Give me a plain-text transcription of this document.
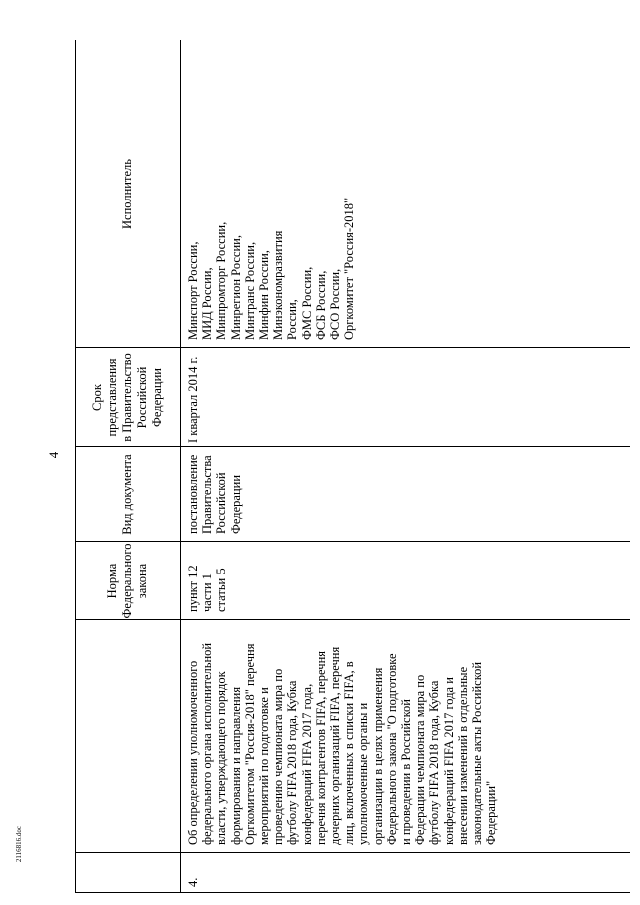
4
2116816.doc
Норма Федерального закона
Вид документа
Срок представления в Правительство Российской Федерации
Исполнитель
4.
Об определении уполномоченного федерального органа исполнительной власти, утверждающего порядок формирования и направления Оргкомитетом "Россия-2018" перечня мероприятий по подготовке и проведению чемпионата мира по футболу FIFA 2018 года, Кубка конфедераций FIFA 2017 года, перечня контрагентов FIFA, перечня дочерних организаций FIFA, перечня лиц, включенных в списки FIFA, в уполномоченные органы и организации в целях применения Федерального закона "О подготовке и проведении в Российской Федерации чемпионата мира по футболу FIFA 2018 года, Кубка конфедераций FIFA 2017 года и внесении изменений в отдельные законодательные акты Российской Федерации"
пункт 12 части 1 статьи 5
постановление Правительства Российской Федерации
I квартал 2014 г.
Минспорт России, МИД России, Минпромторг России, Минрегион России, Минтранс России, Минфин России, Минэкономразвития России, ФМС России, ФСБ России, ФСО России, Оргкомитет "Россия-2018"
